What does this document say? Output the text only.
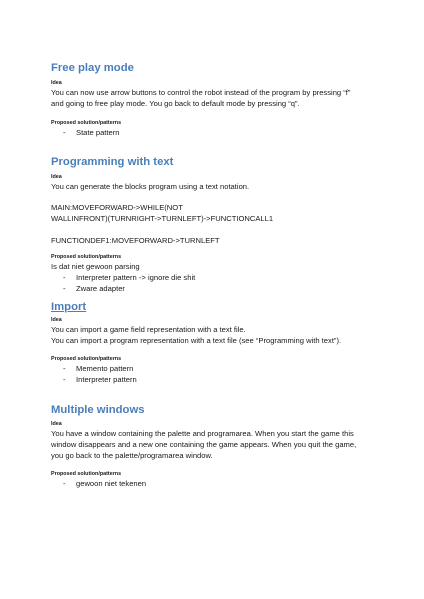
Free play mode
Idea

You can now use arrow buttons to control the robot instead of the program by pressing “f”

and going to free play mode. You go back to default mode by pressing “q”.

Proposed solution/patterns
- State pattern
Programming with text
Idea

You can generate the blocks program using a text notation.

MAIN:MOVEFORWARD->WHILE(NOT

WALLINFRONT)(TURNRIGHT->TURNLEFT)->FUNCTIONCALL1

FUNCTIONDEF1:MOVEFORWARD->TURNLEFT

Proposed solution/patterns

Is dat niet gewoon parsing

- Interpreter pattern -> ignore die shit
- Zware adapter
Import
Idea

You can import a game field representation with a text file.

You can import a program representation with a text file (see “Programming with text”).

Proposed solution/patterns
- Memento pattern
- Interpreter pattern
Multiple windows
Idea

You have a window containing the palette and programarea. When you start the game this

window disappears and a new one containing the game appears. When you quit the game,

you go back to the palette/programarea window.

Proposed solution/patterns
- gewoon niet tekenen
